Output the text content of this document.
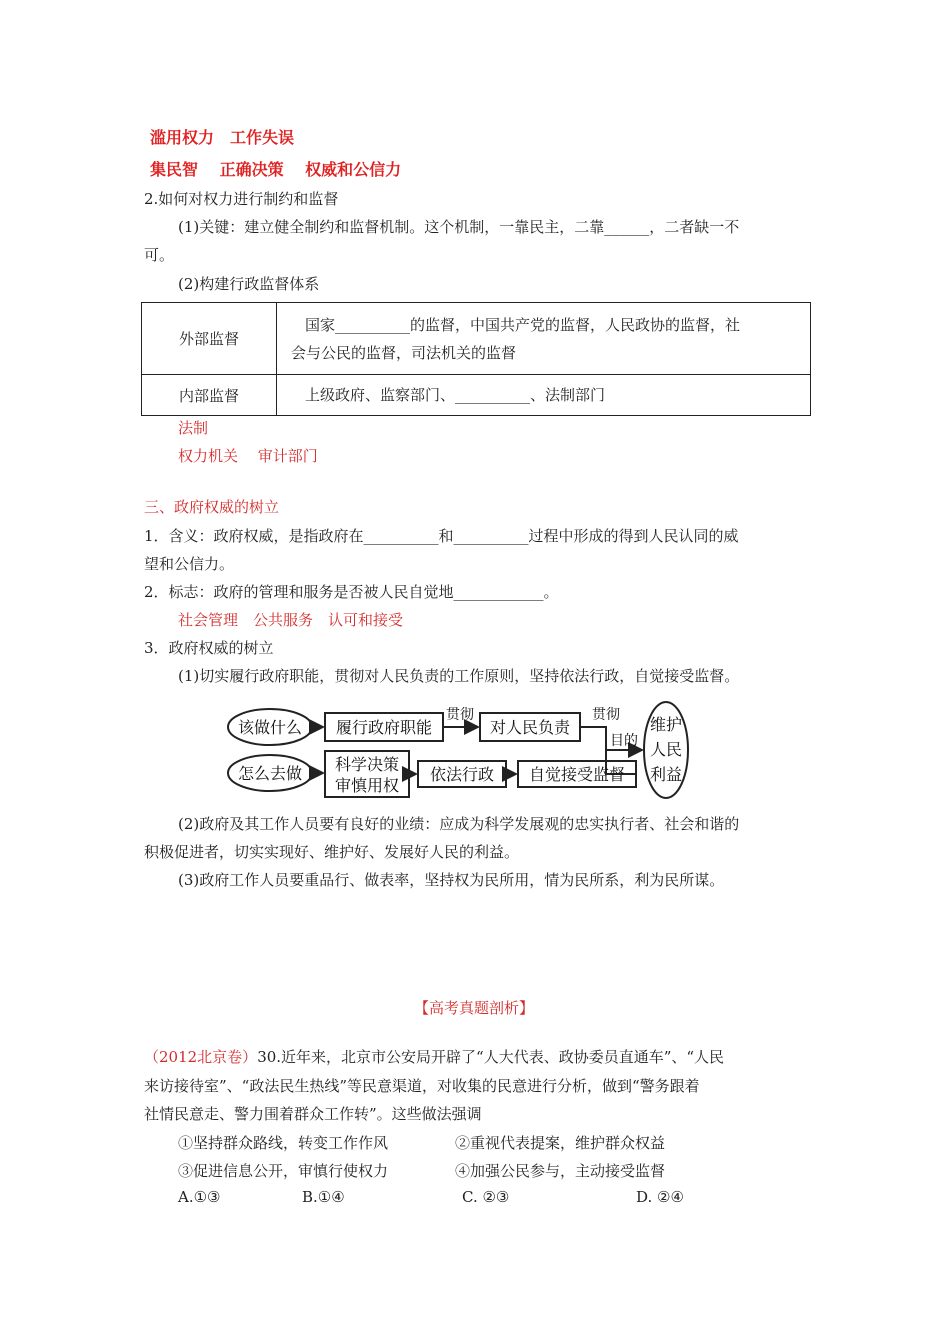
滥用权力　工作失误
集民智　 正确决策　 权威和公信力
2.如何对权力进行制约和监督
(1)关键：建立健全制约和监督机制。这个机制，一靠民主，二靠______，二者缺一不
可。
(2)构建行政监督体系
外部监督	国家__________的监督，中国共产党的监督，人民政协的监督，社
会与公民的监督，司法机关的监督

内部监督	上级政府、监察部门、__________、法制部门
法制
权力机关　 审计部门
三、政府权威的树立
1．含义：政府权威，是指政府在__________和__________过程中形成的得到人民认同的威
望和公信力。
2．标志：政府的管理和服务是否被人民自觉地____________。
社会管理　公共服务　认可和接受
3．政府权威的树立
(1)切实履行政府职能，贯彻对人民负责的工作原则，坚持依法行政，自觉接受监督。
该做什么
怎么去做
履行政府职能
贯彻
对人民负责
贯彻
目的
科学决策
审慎用权
依法行政 自觉接受监督
维护
人民
利益
(2)政府及其工作人员要有良好的业绩：应成为科学发展观的忠实执行者、社会和谐的
积极促进者，切实实现好、维护好、发展好人民的利益。
(3)政府工作人员要重品行、做表率，坚持权为民所用，情为民所系，利为民所谋。
【高考真题剖析】
（2012北京卷）30.近年来，北京市公安局开辟了“人大代表、政协委员直通车”、“人民
来访接待室”、“政法民生热线”等民意渠道，对收集的民意进行分析，做到“警务跟着
社情民意走、警力围着群众工作转”。这些做法强调
①坚持群众路线，转变工作作风	②重视代表提案，维护群众权益
③促进信息公开，审慎行使权力	④加强公民参与，主动接受监督
A.①③	B.①④	C. ②③	D. ②④
